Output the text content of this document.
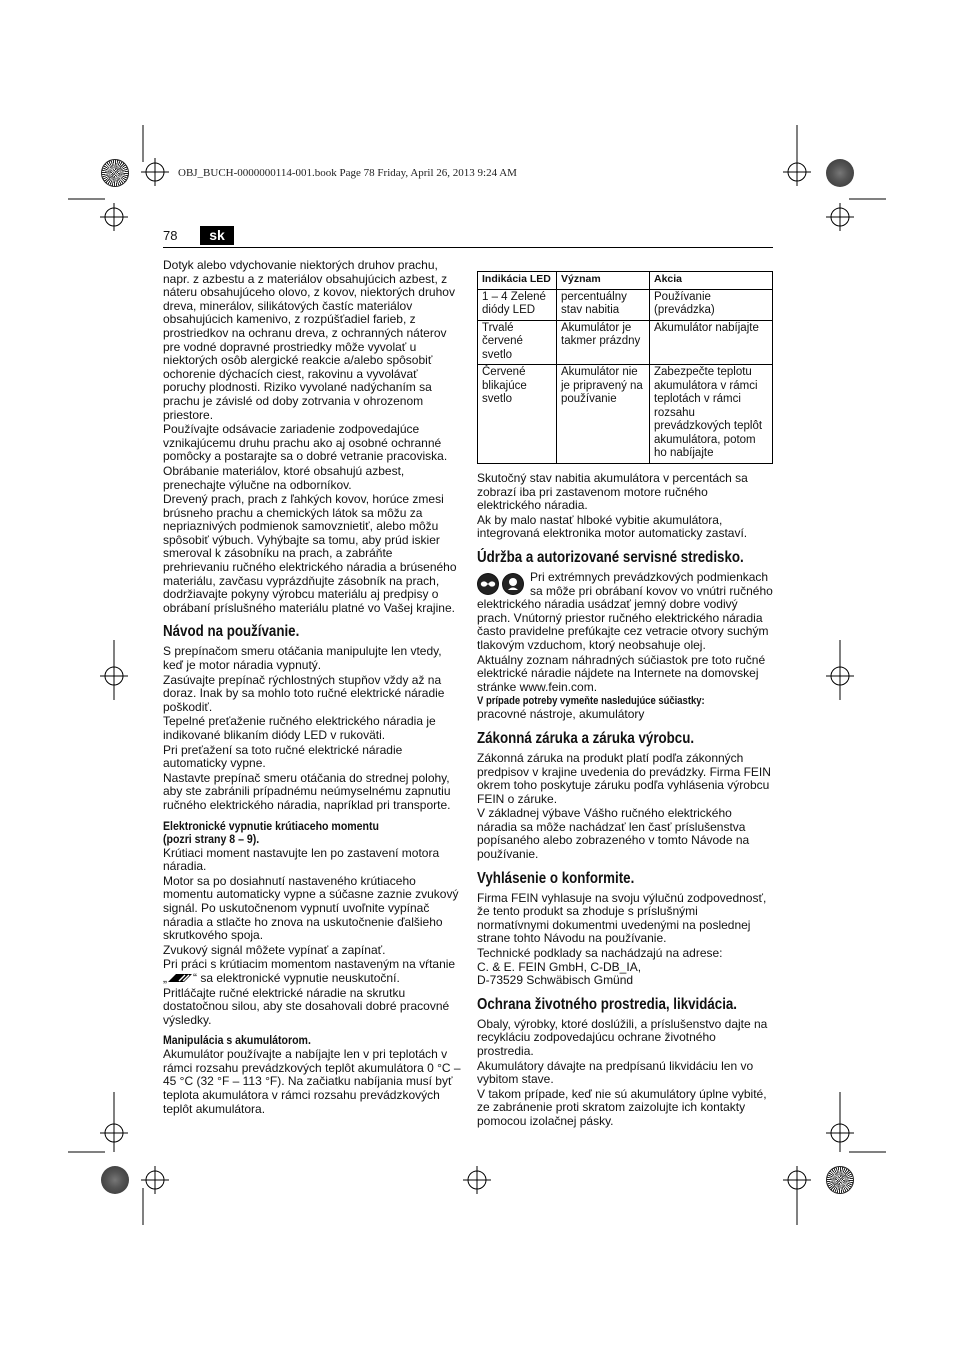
OBJ_BUCH-0000000114-001.book Page 78 Friday, April 26, 2013 9:24 AM
78	sk

Dotyk alebo vdychovanie niektorých druhov prachu, napr. z azbestu a z materiálov obsahujúcich azbest, z náteru obsahujúceho olovo, z kovov, niektorých druhov dreva, minerálov, silikátových častíc materiálov obsahujúcich kamenivo, z rozpúšťadiel farieb, z prostriedkov na ochranu dreva, z ochranných náterov pre vodné dopravné prostriedky môže vyvolať u niektorých osôb alergické reakcie a/alebo spôsobiť ochorenie dýchacích ciest, rakovinu a vyvolávať poruchy plodnosti. Riziko vyvolané nadýchaním sa prachu je závislé od doby zotrvania v ohrozenom priestore.

Používajte odsávacie zariadenie zodpovedajúce vznikajúcemu druhu prachu ako aj osobné ochranné pomôcky a postarajte sa o dobré vetranie pracoviska.

Obrábanie materiálov, ktoré obsahujú azbest, prenechajte výlučne na odborníkov.

Drevený prach, prach z ľahkých kovov, horúce zmesi brúsneho prachu a chemických látok sa môžu za nepriaznivých podmienok samovznietiť, alebo môžu spôsobiť výbuch. Vyhýbajte sa tomu, aby prúd iskier smeroval k zásobníku na prach, a zabráňte prehrievaniu ručného elektrického náradia a brúseného materiálu, zavčasu vyprázdňujte zásobník na prach, dodržiavajte pokyny výrobcu materiálu aj predpisy o obrábaní príslušného materiálu platné vo Vašej krajine.

Návod na používanie.

S prepínačom smeru otáčania manipulujte len vtedy, keď je motor náradia vypnutý.

Zasúvajte prepínač rýchlostných stupňov vždy až na doraz. Inak by sa mohlo toto ručné elektrické náradie poškodiť.

Tepelné preťaženie ručného elektrického náradia je indikované blikaním diódy LED v rukoväti.

Pri preťažení sa toto ručné elektrické náradie automaticky vypne.

Nastavte prepínač smeru otáčania do strednej polohy, aby ste zabránili prípadnému neúmyselnému zapnutiu ručného elektrického náradia, napríklad pri transporte.

Elektronické vypnutie krútiaceho momentu
(pozri strany 8 – 9).

Krútiaci moment nastavujte len po zastavení motora náradia.

Motor sa po dosiahnutí nastaveného krútiaceho momentu automaticky vypne a súčasne zaznie zvukový signál. Po uskutočnenom vypnutí uvoľnite vypínač náradia a stlačte ho znova na uskutočnenie ďalšieho skrutkového spoja.

Zvukový signál môžete vypínať a zapínať.

Pri práci s krútiacim momentom nastaveným na vŕtanie „ “ sa elektronické vypnutie neuskutoční.

Pritláčajte ručné elektrické náradie na skrutku dostatočnou silou, aby ste dosahovali dobré pracovné výsledky.

Manipulácia s akumulátorom.

Akumulátor používajte a nabíjajte len v pri teplotách v rámci rozsahu prevádzkových teplôt akumulátora 0 °C – 45 °C (32 °F – 113 °F). Na začiatku nabíjania musí byť teplota akumulátora v rámci rozsahu prevádzkových teplôt akumulátora.

Indikácia LED	Význam	Akcia
1 – 4 Zelené diódy LED	percentuálny stav nabitia	Používanie (prevádzka)
Trvalé červené svetlo	Akumulátor je takmer prázdny	Akumulátor nabíjajte
Červené blikajúce svetlo	Akumulátor nie je pripravený na používanie	Zabezpečte teplotu akumulátora v rámci teplotách v rámci rozsahu prevádzkových teplôt akumulátora, potom ho nabíjajte

Skutočný stav nabitia akumulátora v percentách sa zobrazí iba pri zastavenom motore ručného elektrického náradia.

Ak by malo nastať hlboké vybitie akumulátora, integrovaná elektronika motor automaticky zastaví.

Údržba a autorizované servisné stredisko.

Pri extrémnych prevádzkových podmienkach sa môže pri obrábaní kovov vo vnútri ručného elektrického náradia usádzať jemný dobre vodivý prach. Vnútorný priestor ručného elektrického náradia často pravidelne prefúkajte cez vetracie otvory suchým tlakovým vzduchom, ktorý neobsahuje olej.

Aktuálny zoznam náhradných súčiastok pre toto ručné elektrické náradie nájdete na Internete na domovskej stránke www.fein.com.

V prípade potreby vymeňte nasledujúce súčiastky:

pracovné nástroje, akumulátory

Zákonná záruka a záruka výrobcu.

Zákonná záruka na produkt platí podľa zákonných predpisov v krajine uvedenia do prevádzky. Firma FEIN okrem toho poskytuje záruku podľa vyhlásenia výrobcu FEIN o záruke.

V základnej výbave Vášho ručného elektrického náradia sa môže nachádzať len časť príslušenstva popísaného alebo zobrazeného v tomto Návode na používanie.

Vyhlásenie o konformite.

Firma FEIN vyhlasuje na svoju výlučnú zodpovednosť, že tento produkt sa zhoduje s príslušnými normatívnymi dokumentmi uvedenými na poslednej strane tohto Návodu na používanie.

Technické podklady sa nachádzajú na adrese:

C. & E. FEIN GmbH, C-DB_IA,

D-73529 Schwäbisch Gmünd

Ochrana životného prostredia, likvidácia.

Obaly, výrobky, ktoré doslúžili, a príslušenstvo dajte na recykláciu zodpovedajúcu ochrane životného prostredia.

Akumulátory dávajte na predpísanú likvidáciu len vo vybitom stave.

V takom prípade, keď nie sú akumulátory úplne vybité, ze zabránenie proti skratom zaizolujte ich kontakty pomocou izolačnej pásky.
